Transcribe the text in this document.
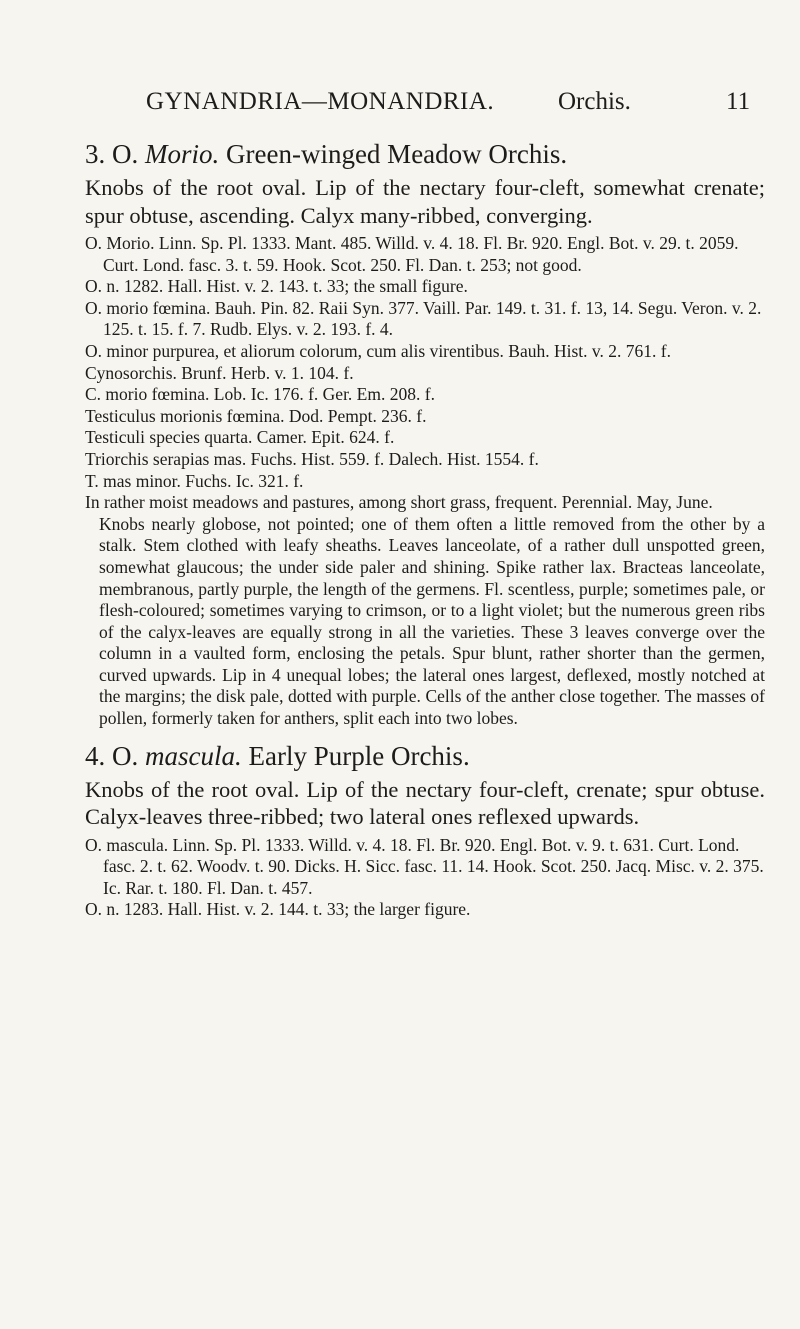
GYNANDRIA—MONANDRIA.	Orchis.	11
3. O. Morio. Green-winged Meadow Orchis.

Knobs of the root oval. Lip of the nectary four-cleft, somewhat crenate; spur obtuse, ascending. Calyx many-ribbed, converging.

O. Morio. Linn. Sp. Pl. 1333. Mant. 485. Willd. v. 4. 18. Fl. Br. 920. Engl. Bot. v. 29. t. 2059. Curt. Lond. fasc. 3. t. 59. Hook. Scot. 250. Fl. Dan. t. 253; not good.

O. n. 1282. Hall. Hist. v. 2. 143. t. 33; the small figure.

O. morio fœmina. Bauh. Pin. 82. Raii Syn. 377. Vaill. Par. 149. t. 31. f. 13, 14. Segu. Veron. v. 2. 125. t. 15. f. 7. Rudb. Elys. v. 2. 193. f. 4.

O. minor purpurea, et aliorum colorum, cum alis virentibus. Bauh. Hist. v. 2. 761. f.

Cynosorchis. Brunf. Herb. v. 1. 104. f.

C. morio fœmina. Lob. Ic. 176. f. Ger. Em. 208. f.

Testiculus morionis fœmina. Dod. Pempt. 236. f.

Testiculi species quarta. Camer. Epit. 624. f.

Triorchis serapias mas. Fuchs. Hist. 559. f. Dalech. Hist. 1554. f.

T. mas minor. Fuchs. Ic. 321. f.

In rather moist meadows and pastures, among short grass, frequent. Perennial. May, June.

Knobs nearly globose, not pointed; one of them often a little removed from the other by a stalk. Stem clothed with leafy sheaths. Leaves lanceolate, of a rather dull unspotted green, somewhat glaucous; the under side paler and shining. Spike rather lax. Bracteas lanceolate, membranous, partly purple, the length of the germens. Fl. scentless, purple; sometimes pale, or flesh-coloured; sometimes varying to crimson, or to a light violet; but the numerous green ribs of the calyx-leaves are equally strong in all the varieties. These 3 leaves converge over the column in a vaulted form, enclosing the petals. Spur blunt, rather shorter than the germen, curved upwards. Lip in 4 unequal lobes; the lateral ones largest, deflexed, mostly notched at the margins; the disk pale, dotted with purple. Cells of the anther close together. The masses of pollen, formerly taken for anthers, split each into two lobes.

4. O. mascula. Early Purple Orchis.

Knobs of the root oval. Lip of the nectary four-cleft, crenate; spur obtuse. Calyx-leaves three-ribbed; two lateral ones reflexed upwards.

O. mascula. Linn. Sp. Pl. 1333. Willd. v. 4. 18. Fl. Br. 920. Engl. Bot. v. 9. t. 631. Curt. Lond. fasc. 2. t. 62. Woodv. t. 90. Dicks. H. Sicc. fasc. 11. 14. Hook. Scot. 250. Jacq. Misc. v. 2. 375. Ic. Rar. t. 180. Fl. Dan. t. 457.

O. n. 1283. Hall. Hist. v. 2. 144. t. 33; the larger figure.
